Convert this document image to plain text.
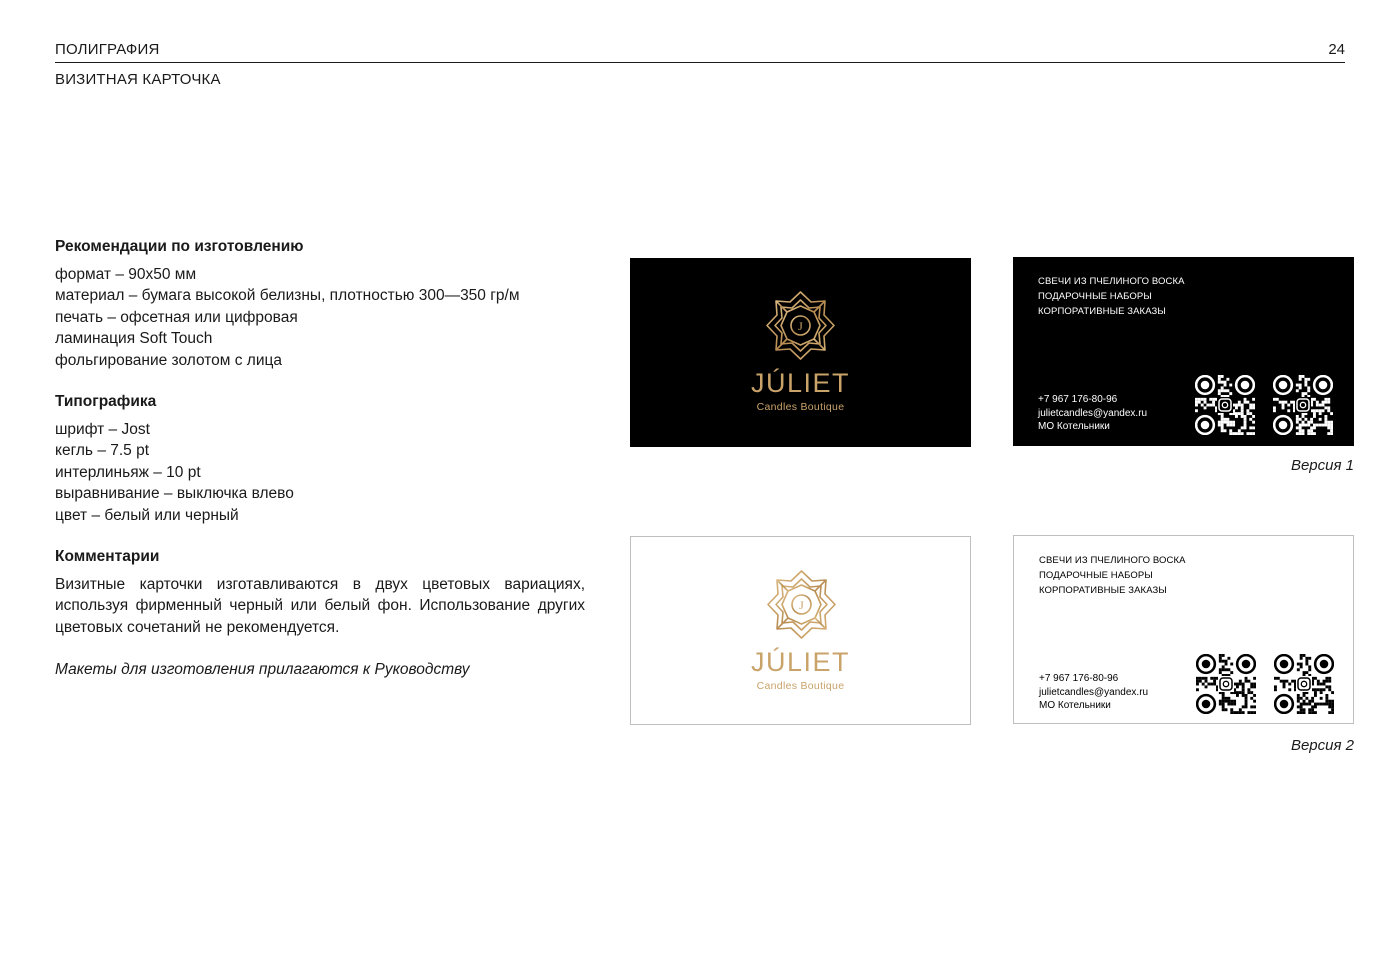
ПОЛИГРАФИЯ	24
ВИЗИТНАЯ КАРТОЧКА
Рекомендации по изготовлению
формат – 90х50 мм
материал – бумага высокой белизны, плотностью 300—350 гр/м
печать – офсетная или цифровая
ламинация Soft Touch
фольгирование золотом с лица
Типографика
шрифт – Jost
кегль – 7.5 pt
интерлиньяж – 10 pt
выравнивание – выключка влево
цвет – белый или черный
Комментарии
Визитные карточки изготавливаются в двух цветовых вариациях, используя фирменный черный или белый фон. Использование других цветовых сочетаний не рекомендуется.
Макеты для изготовления прилагаются к Руководству
J
JÚLIET
Candles Boutique
СВЕЧИ ИЗ ПЧЕЛИНОГО ВОСКА
ПОДАРОЧНЫЕ НАБОРЫ
КОРПОРАТИВНЫЕ ЗАКАЗЫ
+7 967 176-80-96
julietcandles@yandex.ru
МО Котельники
Версия 1
J
JÚLIET
Candles Boutique
СВЕЧИ ИЗ ПЧЕЛИНОГО ВОСКА
ПОДАРОЧНЫЕ НАБОРЫ
КОРПОРАТИВНЫЕ ЗАКАЗЫ
+7 967 176-80-96
julietcandles@yandex.ru
МО Котельники
Версия 2
